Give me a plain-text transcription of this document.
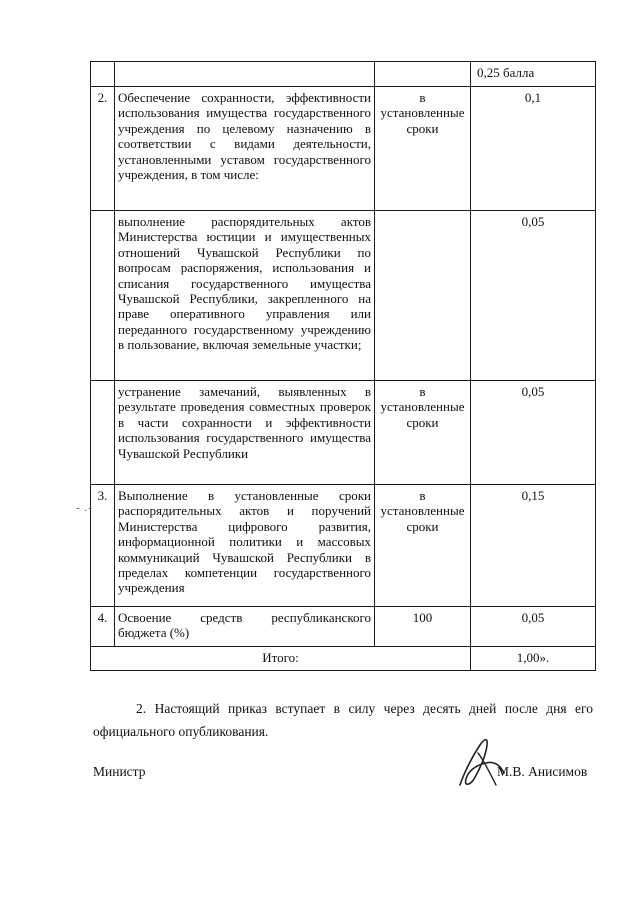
			0,25 балла
2.	Обеспечение сохранности, эффективности использования имущества государственного учреждения по целевому назначению в соответствии с видами деятельности, установленными уставом государственного учреждения, в том числе:	в установленные сроки	0,1
	выполнение распорядительных актов Министерства юстиции и имущественных отношений Чувашской Республики по вопросам распоряжения, использования и списания государственного имущества Чувашской Республики, закрепленного на праве оперативного управления или переданного государственному учреждению в пользование, включая земельные участки;		0,05
	устранение замечаний, выявленных в результате проведения совместных проверок в части сохранности и эффективности использования государственного имущества Чувашской Республики	в установленные сроки	0,05
3.	Выполнение в установленные сроки распорядительных актов и поручений Министерства цифрового развития, информационной политики и массовых коммуникаций Чувашской Республики в пределах компетенции государственного учреждения	в установленные сроки	0,15
4.	Освоение средств республиканского бюджета (%)	100	0,05
Итого:			1,00».
- .-
2. Настоящий приказ вступает в силу через десять дней после дня его официального опубликования.
Министр	М.В. Анисимов
